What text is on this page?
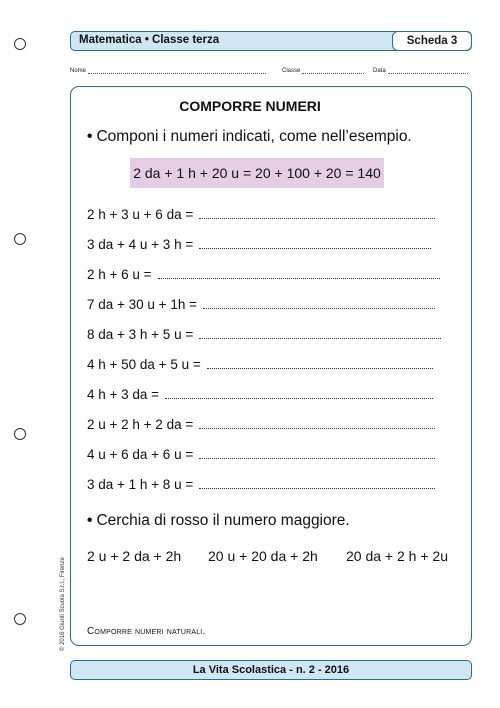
Matematica • Classe terza	Scheda 3
Nome	Classe	Data
COMPORRE NUMERI
• Componi i numeri indicati, come nell’esempio.
2 da + 1 h + 20 u = 20 + 100 + 20 = 140
2 h + 3 u + 6 da =
3 da + 4 u + 3 h =
2 h + 6 u =
7 da + 30 u + 1h =
8 da + 3 h + 5 u =
4 h + 50 da + 5 u =
4 h + 3 da =
2 u + 2 h + 2 da =
4 u + 6 da + 6 u =
3 da + 1 h + 8 u =
• Cerchia di rosso il numero maggiore.
2 u + 2 da + 2h 20 u + 20 da + 2h 20 da + 2 h + 2u
Comporre numeri naturali.
La Vita Scolastica - n. 2 - 2016
© 2016 Giunti Scuola S.r.l., Firenze
